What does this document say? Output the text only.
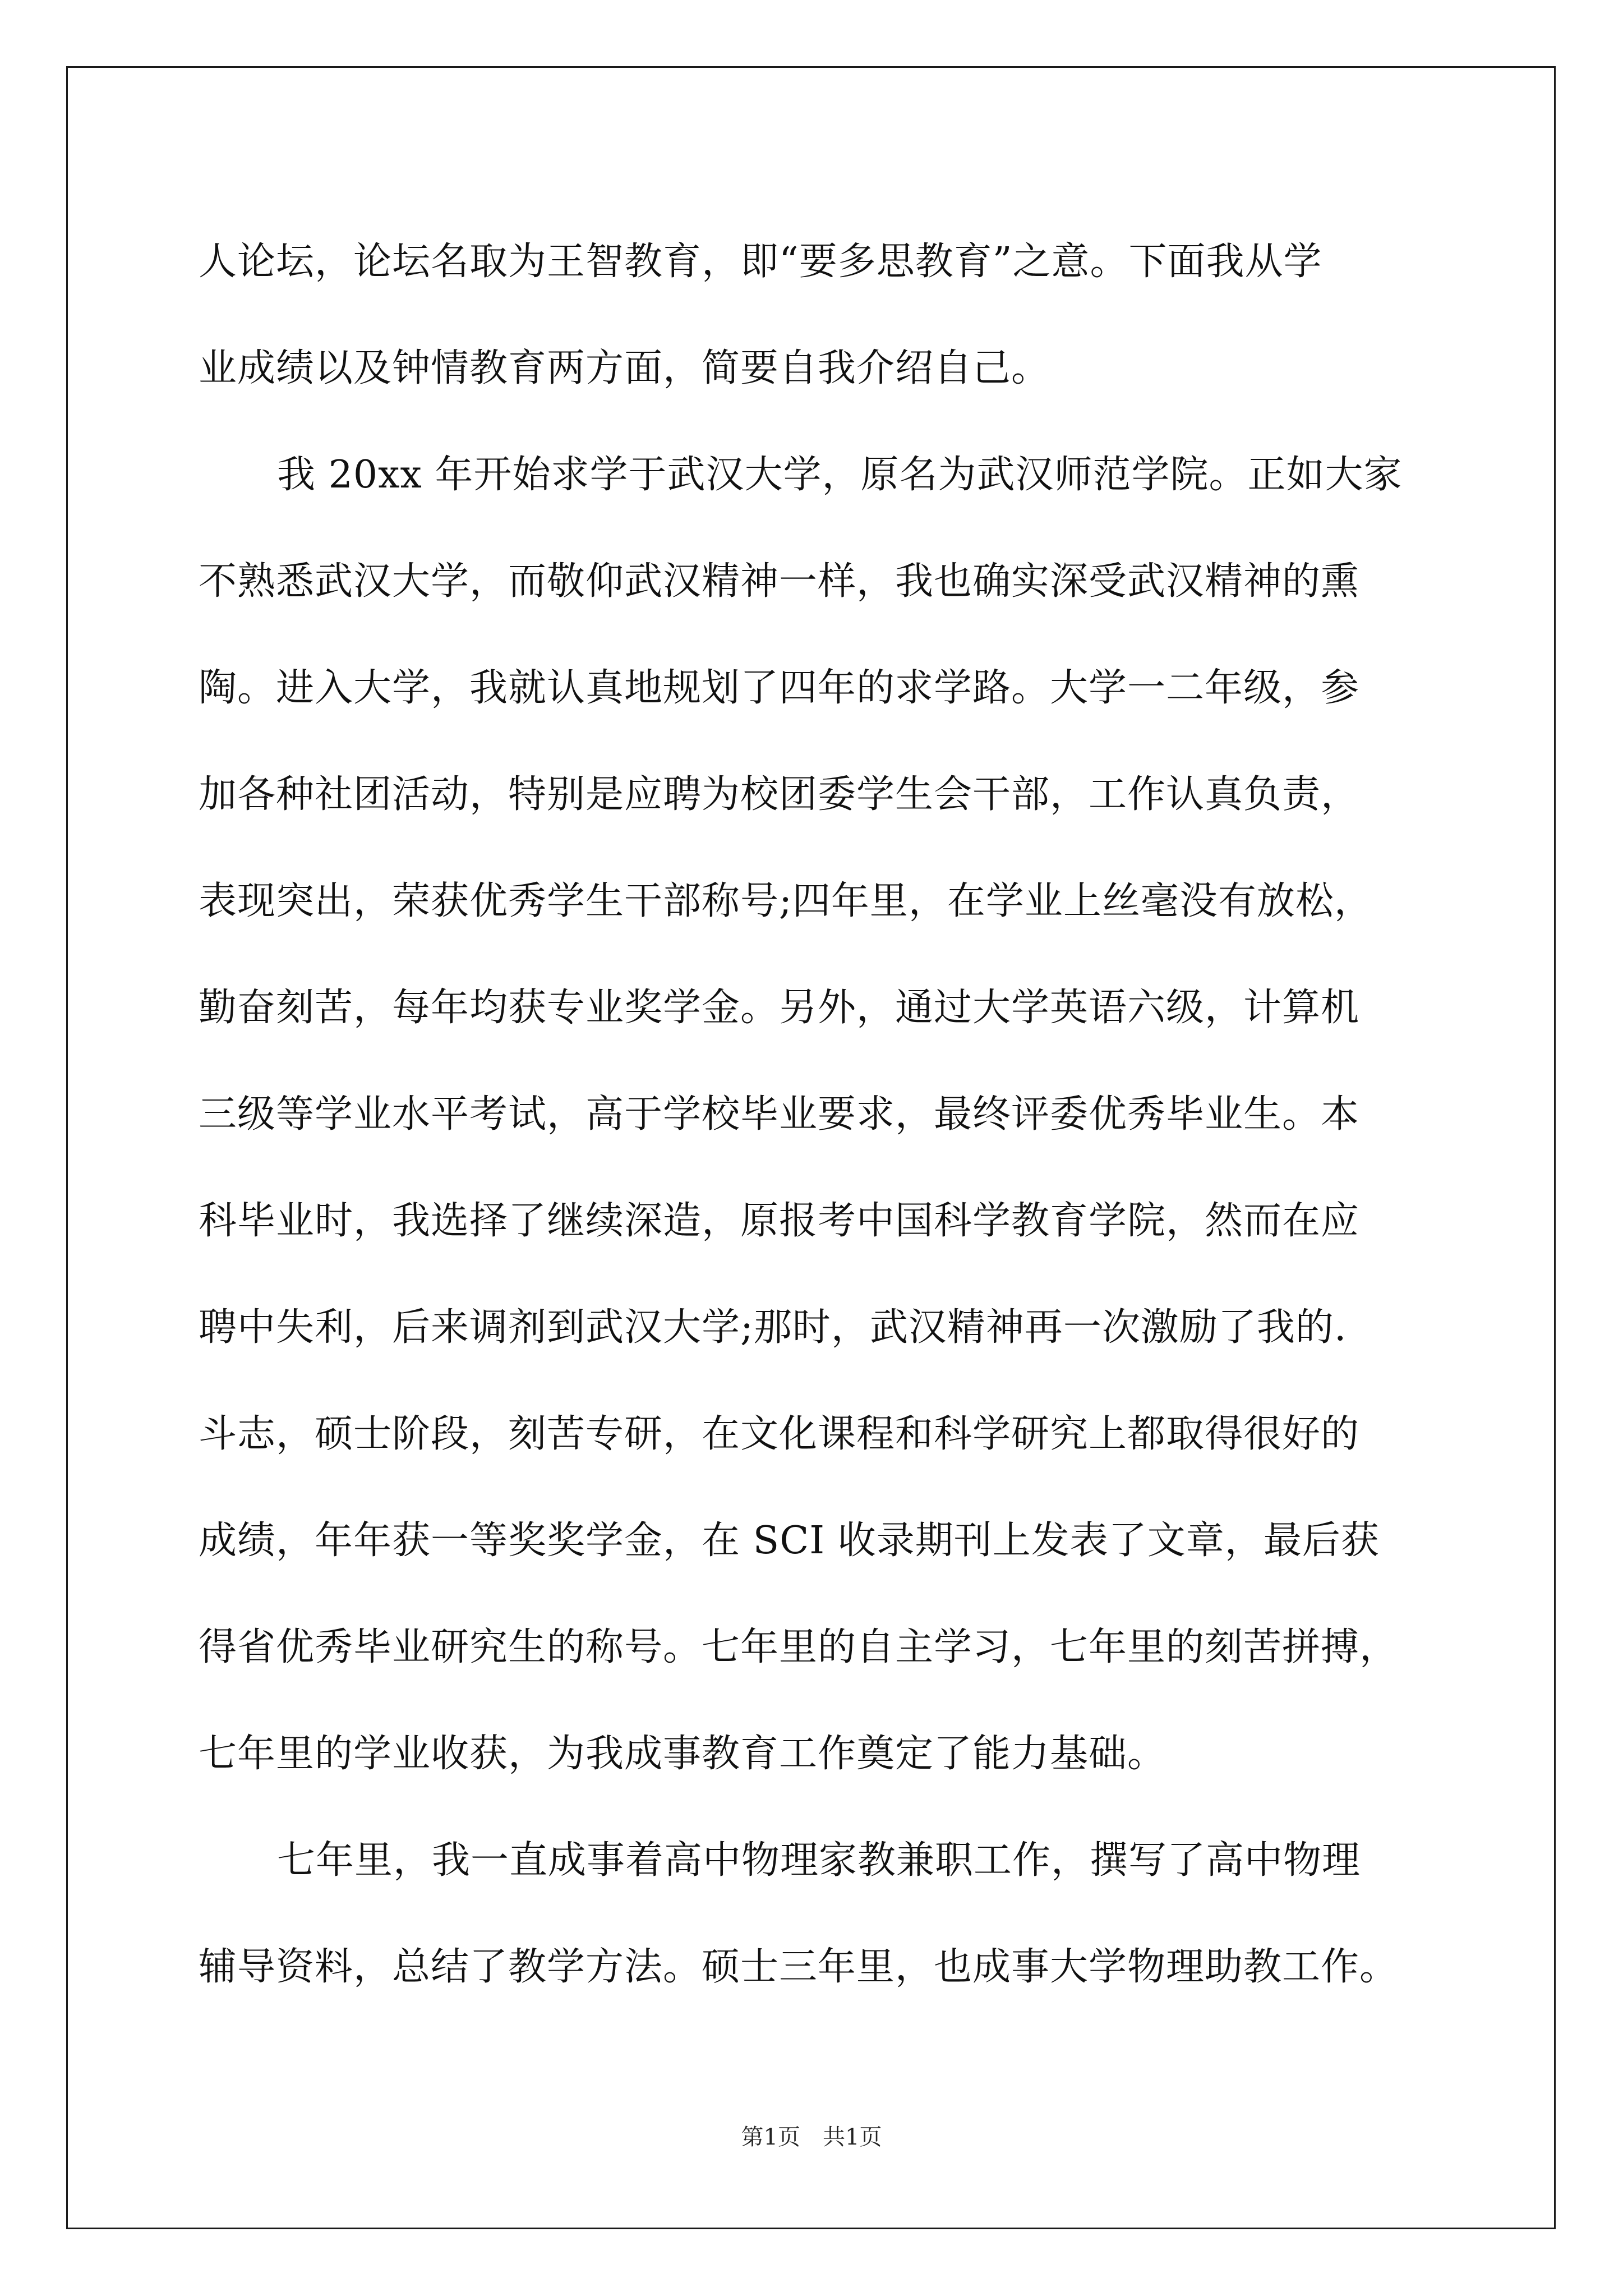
人论坛，论坛名取为王智教育，即“要多思教育”之意。下面我从学
业成绩以及钟情教育两方面，简要自我介绍自己。
我 20xx 年开始求学于武汉大学，原名为武汉师范学院。正如大家
不熟悉武汉大学，而敬仰武汉精神一样，我也确实深受武汉精神的熏
陶。进入大学，我就认真地规划了四年的求学路。大学一二年级，参
加各种社团活动，特别是应聘为校团委学生会干部，工作认真负责，
表现突出，荣获优秀学生干部称号;四年里，在学业上丝毫没有放松，
勤奋刻苦，每年均获专业奖学金。另外，通过大学英语六级，计算机
三级等学业水平考试，高于学校毕业要求，最终评委优秀毕业生。本
科毕业时，我选择了继续深造，原报考中国科学教育学院，然而在应
聘中失利，后来调剂到武汉大学;那时，武汉精神再一次激励了我的.
斗志，硕士阶段，刻苦专研，在文化课程和科学研究上都取得很好的
成绩，年年获一等奖奖学金，在 SCI 收录期刊上发表了文章，最后获
得省优秀毕业研究生的称号。七年里的自主学习，七年里的刻苦拼搏，
七年里的学业收获，为我成事教育工作奠定了能力基础。
七年里，我一直成事着高中物理家教兼职工作，撰写了高中物理
辅导资料，总结了教学方法。硕士三年里，也成事大学物理助教工作。
第1页　共1页
